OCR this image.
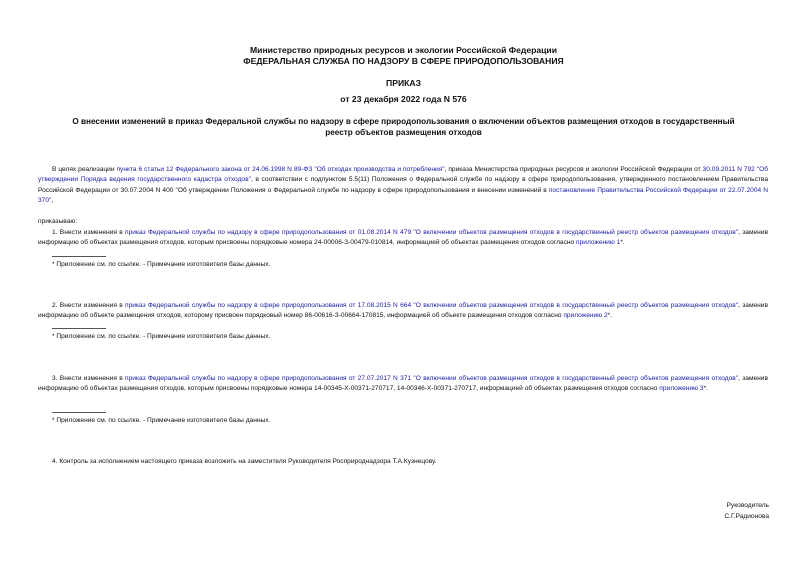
Министерство природных ресурсов и экологии Российской Федерации
ФЕДЕРАЛЬНАЯ СЛУЖБА ПО НАДЗОРУ В СФЕРЕ ПРИРОДОПОЛЬЗОВАНИЯ
ПРИКАЗ
от 23 декабря 2022 года N 576
О внесении изменений в приказ Федеральной службы по надзору в сфере природопользования о включении объектов размещения отходов в государственный
реестр объектов размещения отходов
В целях реализации пункта 6 статьи 12 Федерального закона от 24.06.1998 N 89-ФЗ "Об отходах производства и потребления", приказа Министерства природных ресурсов и экологии Российской Федерации от 30.09.2011 N 792 "Об утверждении Порядка ведения государственного кадастра отходов", в соответствии с подпунктом 5.5(11) Положения о Федеральной службе по надзору в сфере природопользования, утвержденного постановлением Правительства Российской Федерации от 30.07.2004 N 400 "Об утверждении Положения о Федеральной службе по надзору в сфере природопользования и внесении изменений в постановление Правительства Российской Федерации от 22.07.2004 N 370",
приказываю:
1. Внести изменения в приказ Федеральной службы по надзору в сфере природопользования от 01.08.2014 N 479 "О включении объектов размещения отходов в государственный реестр объектов размещения отходов", заменив информацию об объектах размещения отходов, которым присвоены порядковые номера 24-00006-З-00479-010814, информацией об объектах размещения отходов согласно приложению 1*.
* Приложение см. по ссылке. - Примечание изготовителя базы данных.
2. Внести изменения в приказ Федеральной службы по надзору в сфере природопользования от 17.08.2015 N 664 "О включении объектов размещения отходов в государственный реестр объектов размещения отходов", заменив информацию об объекте размещения отходов, которому присвоен порядковый номер 86-00616-З-00664-170815, информацией об объекте размещения отходов согласно приложению 2*.
* Приложение см. по ссылке. - Примечание изготовителя базы данных.
3. Внести изменения в приказ Федеральной службы по надзору в сфере природопользования от 27.07.2017 N 371 "О включении объектов размещения отходов в государственный реестр объектов размещения отходов", заменив информацию об объектах размещения отходов, которым присвоены порядковые номера 14-00345-Х-00371-270717, 14-00346-Х-00371-270717, информацией об объектах размещения отходов согласно приложению 3*.
* Приложение см. по ссылке. - Примечание изготовителя базы данных.
4. Контроль за исполнением настоящего приказа возложить на заместителя Руководителя Росприроднадзора Т.А.Кузнецову.
Руководитель
С.Г.Радионова
